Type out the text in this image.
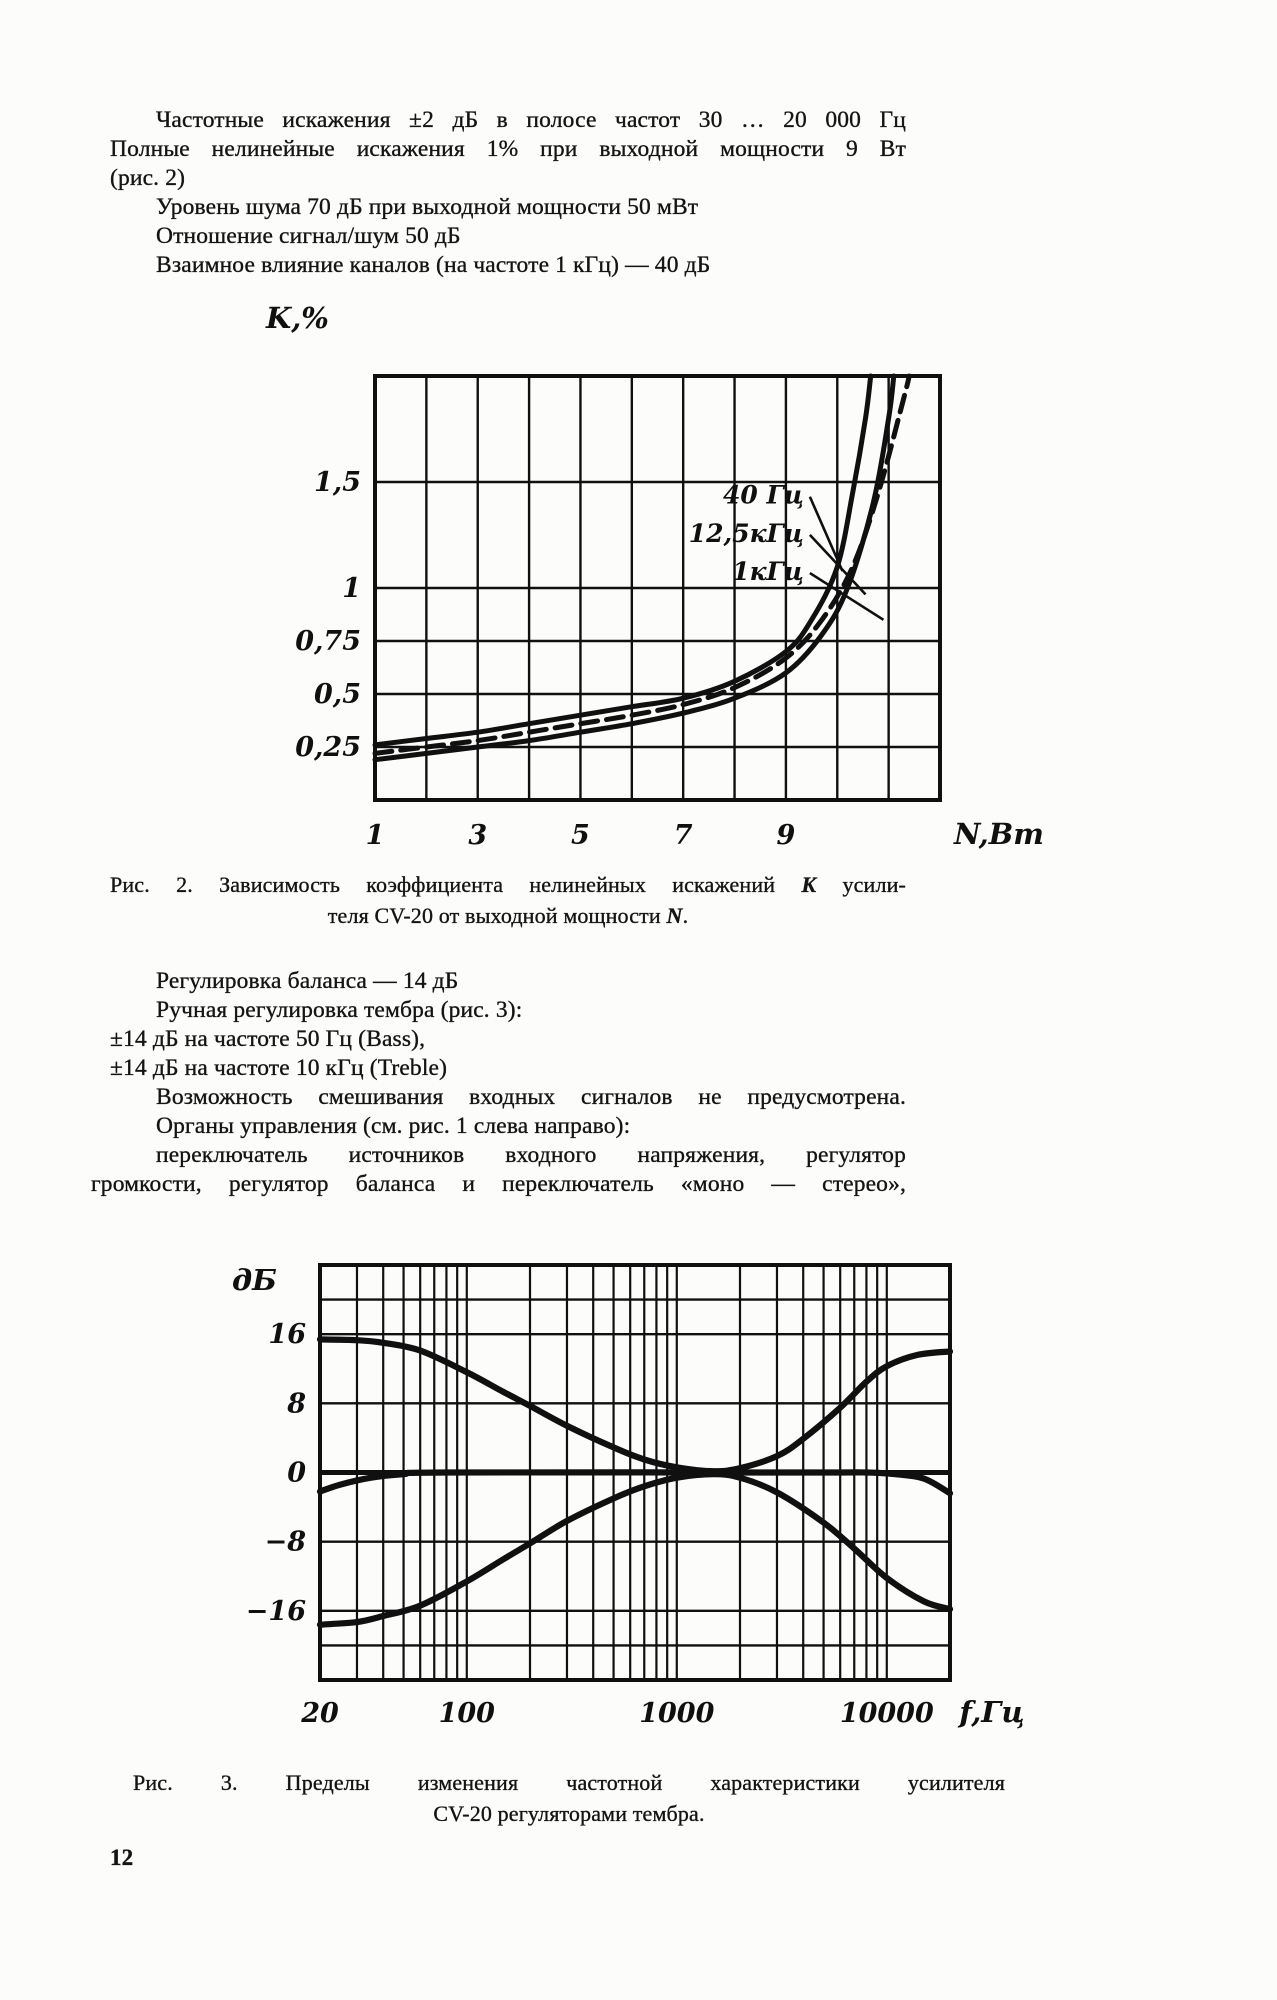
Частотные искажения ±2 дБ в полосе частот 30 … 20 000 Гц
Полные нелинейные искажения 1% при выходной мощности 9 Вт
(рис. 2)
Уровень шума 70 дБ при выходной мощности 50 мВт
Отношение сигнал/шум 50 дБ
Взаимное влияние каналов (на частоте 1 кГц) — 40 дБ
1,5
1
0,75
0,5
0,25
1	3	5	7	9
K,%
N,Вт
40 Гц
12,5кГц
1кГц
Рис. 2. Зависимость коэффициента нелинейных искажений K усили-
теля CV-20 от выходной мощности N.
Регулировка баланса — 14 дБ
Ручная регулировка тембра (рис. 3):
±14 дБ на частоте 50 Гц (Bass),
±14 дБ на частоте 10 кГц (Treble)
Возможность смешивания входных сигналов не предусмотрена.
Органы управления (см. рис. 1 слева направо):
переключатель источников входного напряжения, регулятор
громкости, регулятор баланса и переключатель «моно — стерео»,
16
8
0
−8
−16
20	100	1000	10000
дБ
f,Гц
Рис. 3. Пределы изменения частотной характеристики усилителя
CV-20 регуляторами тембра.
12
